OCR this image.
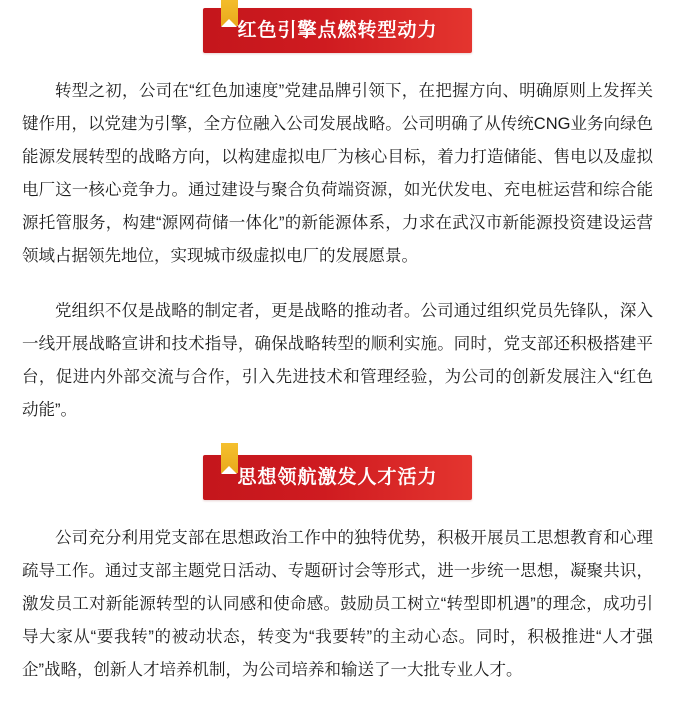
红色引擎点燃转型动力

转型之初，公司在“红色加速度”党建品牌引领下，在把握方向、明确原则上发挥关键作用，以党建为引擎，全方位融入公司发展战略。公司明确了从传统CNG业务向绿色能源发展转型的战略方向，以构建虚拟电厂为核心目标，着力打造储能、售电以及虚拟电厂这一核心竞争力。通过建设与聚合负荷端资源，如光伏发电、充电桩运营和综合能源托管服务，构建“源网荷储一体化”的新能源体系，力求在武汉市新能源投资建设运营领域占据领先地位，实现城市级虚拟电厂的发展愿景。

党组织不仅是战略的制定者，更是战略的推动者。公司通过组织党员先锋队，深入一线开展战略宣讲和技术指导，确保战略转型的顺利实施。同时，党支部还积极搭建平台，促进内外部交流与合作，引入先进技术和管理经验，为公司的创新发展注入“红色动能”。

思想领航激发人才活力

公司充分利用党支部在思想政治工作中的独特优势，积极开展员工思想教育和心理疏导工作。通过支部主题党日活动、专题研讨会等形式，进一步统一思想，凝聚共识，激发员工对新能源转型的认同感和使命感。鼓励员工树立“转型即机遇”的理念，成功引导大家从“要我转”的被动状态，转变为“我要转”的主动心态。同时，积极推进“人才强企”战略，创新人才培养机制，为公司培养和输送了一大批专业人才。
